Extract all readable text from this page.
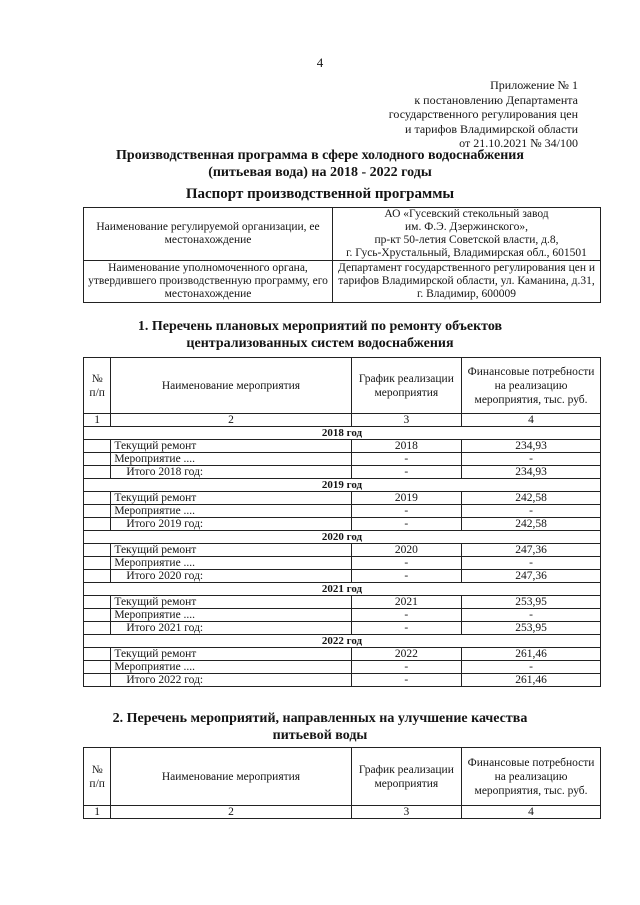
4
Приложение № 1
к постановлению Департамента
государственного регулирования цен
и тарифов Владимирской области
от 21.10.2021 № 34/100
Производственная программа в сфере холодного водоснабжения
(питьевая вода) на 2018 - 2022 годы
Паспорт производственной программы
Наименование регулируемой организации, ее местонахождение	АО «Гусевский стекольный завод
им. Ф.Э. Дзержинского»,
пр-кт 50-летия Советской власти, д.8,
г. Гусь-Хрустальный, Владимирская обл., 601501

Наименование уполномоченного органа, утвердившего производственную программу, его местонахождение	Департамент государственного регулирования цен и тарифов Владимирской области, ул. Каманина, д.31, г. Владимир, 600009
1. Перечень плановых мероприятий по ремонту объектов
централизованных систем водоснабжения
№ п/п	Наименование мероприятия	График реализации мероприятия	Финансовые потребности на реализацию мероприятия, тыс. руб.
1	2	3	4
2018 год			
	Текущий ремонт	2018	234,93
	Мероприятие ....	-	-
	Итого 2018 год:	-	234,93
2019 год			
	Текущий ремонт	2019	242,58
	Мероприятие ....	-	-
	Итого 2019 год:	-	242,58
2020 год			
	Текущий ремонт	2020	247,36
	Мероприятие ....	-	-
	Итого 2020 год:	-	247,36
2021 год			
	Текущий ремонт	2021	253,95
	Мероприятие ....	-	-
	Итого 2021 год:	-	253,95
2022 год			
	Текущий ремонт	2022	261,46
	Мероприятие ....	-	-
	Итого 2022 год:	-	261,46
2. Перечень мероприятий, направленных на улучшение качества
питьевой воды
№ п/п	Наименование мероприятия	График реализации мероприятия	Финансовые потребности на реализацию мероприятия, тыс. руб.
1	2	3	4
